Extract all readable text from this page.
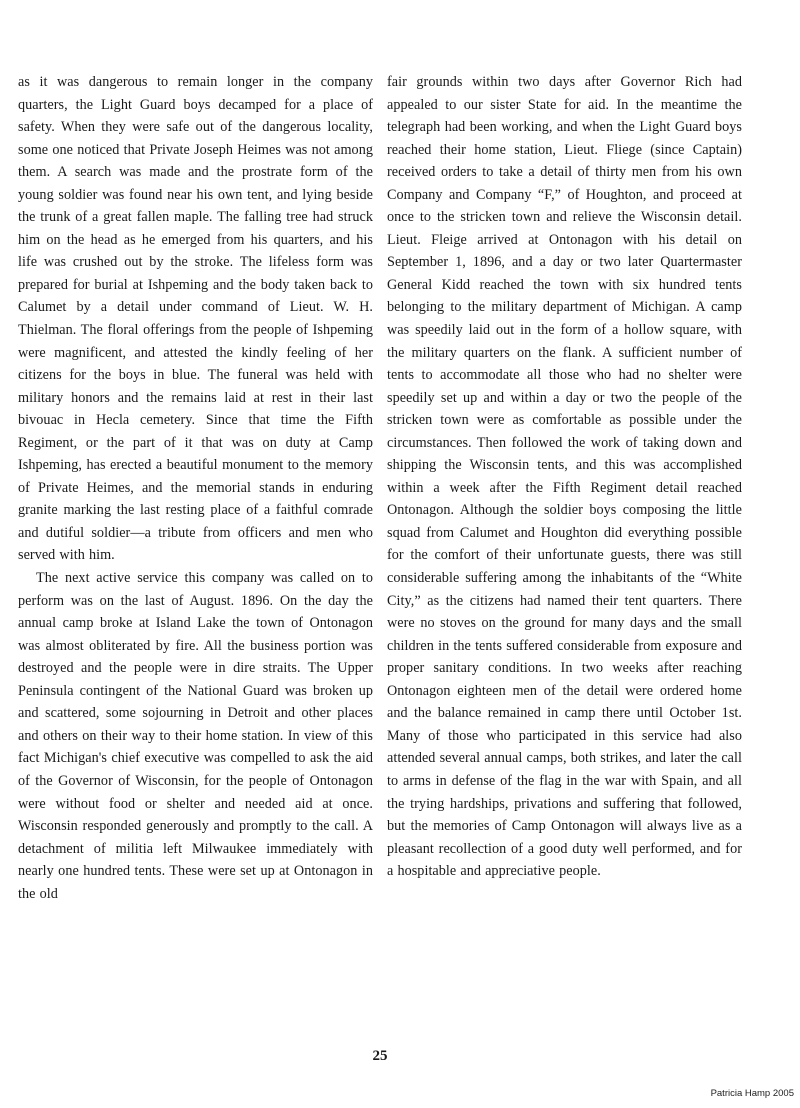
as it was dangerous to remain longer in the company quarters, the Light Guard boys decamped for a place of safety. When they were safe out of the dangerous locality, some one noticed that Private Joseph Heimes was not among them. A search was made and the prostrate form of the young soldier was found near his own tent, and lying beside the trunk of a great fallen maple. The falling tree had struck him on the head as he emerged from his quarters, and his life was crushed out by the stroke. The lifeless form was prepared for burial at Ishpeming and the body taken back to Calumet by a detail under command of Lieut. W. H. Thielman. The floral offerings from the people of Ishpeming were magnificent, and attested the kindly feeling of her citizens for the boys in blue. The funeral was held with military honors and the remains laid at rest in their last bivouac in Hecla cemetery. Since that time the Fifth Regiment, or the part of it that was on duty at Camp Ishpeming, has erected a beautiful monument to the memory of Private Heimes, and the memorial stands in enduring granite marking the last resting place of a faithful comrade and dutiful soldier—a tribute from officers and men who served with him.

The next active service this company was called on to perform was on the last of August. 1896. On the day the annual camp broke at Island Lake the town of Ontonagon was almost obliterated by fire. All the business portion was destroyed and the people were in dire straits. The Upper Peninsula contingent of the National Guard was broken up and scattered, some sojourning in Detroit and other places and others on their way to their home station. In view of this fact Michigan's chief executive was compelled to ask the aid of the Governor of Wisconsin, for the people of Ontonagon were without food or shelter and needed aid at once. Wisconsin responded generously and promptly to the call. A detachment of militia left Milwaukee immediately with nearly one hundred tents. These were set up at Ontonagon in the old

fair grounds within two days after Governor Rich had appealed to our sister State for aid. In the meantime the telegraph had been working, and when the Light Guard boys reached their home station, Lieut. Fliege (since Captain) received orders to take a detail of thirty men from his own Company and Company “F,” of Houghton, and proceed at once to the stricken town and relieve the Wisconsin detail. Lieut. Fleige arrived at Ontonagon with his detail on September 1, 1896, and a day or two later Quartermaster General Kidd reached the town with six hundred tents belonging to the military department of Michigan. A camp was speedily laid out in the form of a hollow square, with the military quarters on the flank. A sufficient number of tents to accommodate all those who had no shelter were speedily set up and within a day or two the people of the stricken town were as comfortable as possible under the circumstances. Then followed the work of taking down and shipping the Wisconsin tents, and this was accomplished within a week after the Fifth Regiment detail reached Ontonagon. Although the soldier boys composing the little squad from Calumet and Houghton did everything possible for the comfort of their unfortunate guests, there was still considerable suffering among the inhabitants of the “White City,” as the citizens had named their tent quarters. There were no stoves on the ground for many days and the small children in the tents suffered considerable from exposure and proper sanitary conditions. In two weeks after reaching Ontonagon eighteen men of the detail were ordered home and the balance remained in camp there until October 1st. Many of those who participated in this service had also attended several annual camps, both strikes, and later the call to arms in defense of the flag in the war with Spain, and all the trying hardships, privations and suffering that followed, but the memories of Camp Ontonagon will always live as a pleasant recollection of a good duty well performed, and for a hospitable and appreciative people.

25
Patricia Hamp 2005
